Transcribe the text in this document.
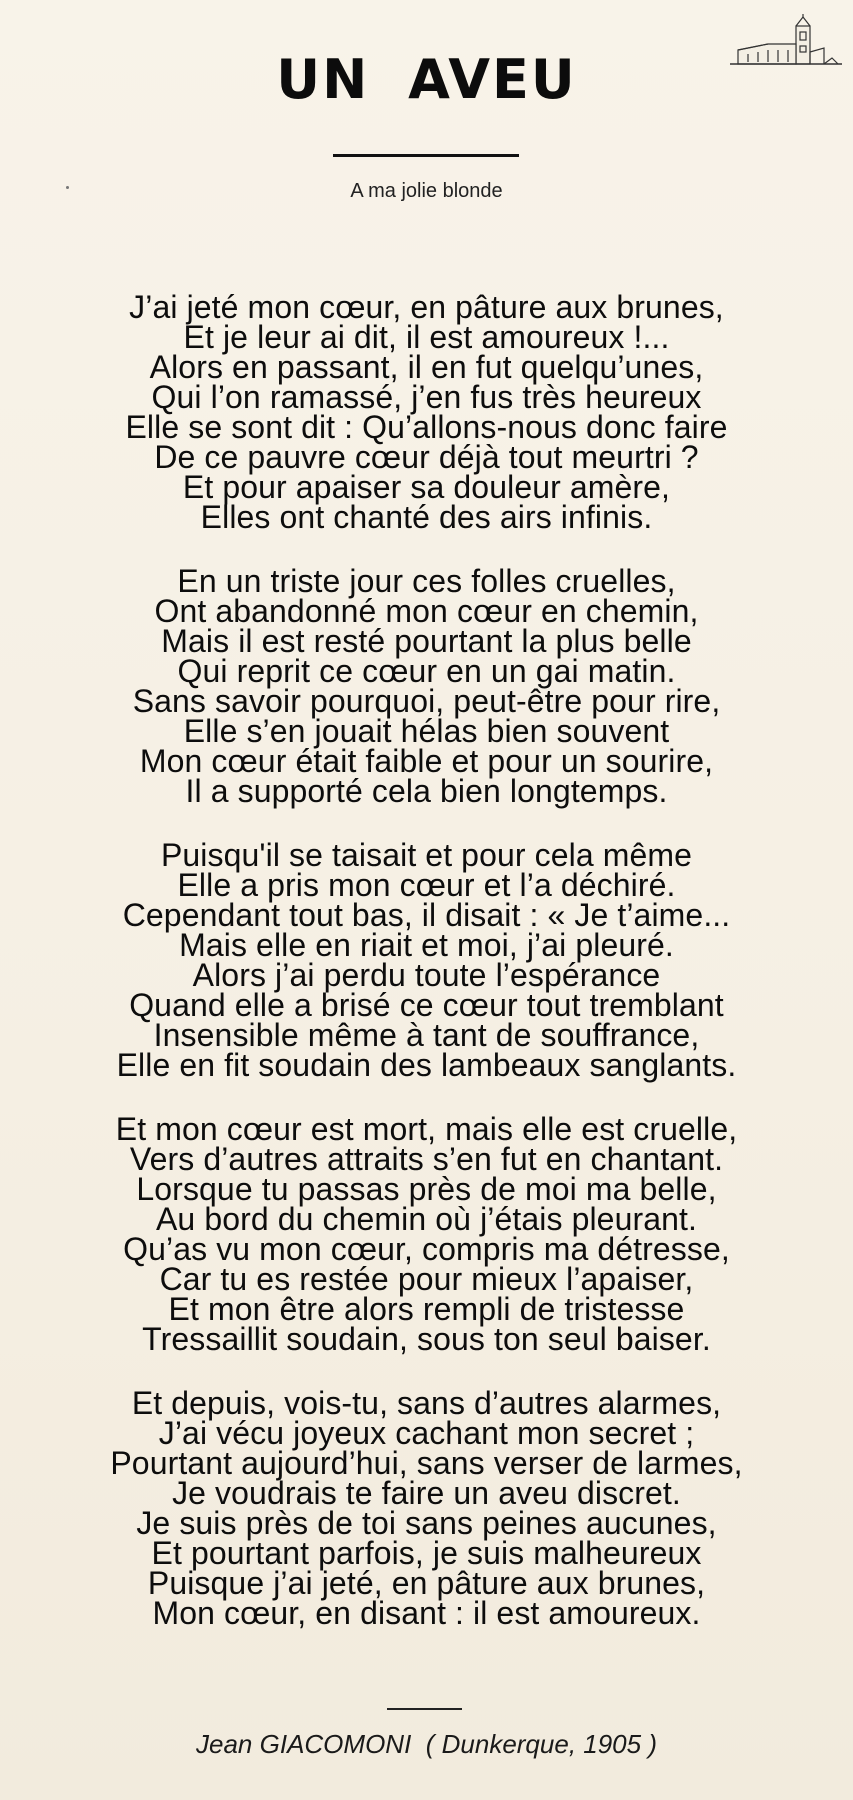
UN AVEU
A ma jolie blonde
J’ai jeté mon cœur, en pâture aux brunes,
Et je leur ai dit, il est amoureux !...
Alors en passant, il en fut quelqu’unes,
Qui l’on ramassé, j’en fus très heureux
Elle se sont dit : Qu’allons-nous donc faire
De ce pauvre cœur déjà tout meurtri ?
Et pour apaiser sa douleur amère,
Elles ont chanté des airs infinis.
En un triste jour ces folles cruelles,
Ont abandonné mon cœur en chemin,
Mais il est resté pourtant la plus belle
Qui reprit ce cœur en un gai matin.
Sans savoir pourquoi, peut-être pour rire,
Elle s’en jouait hélas bien souvent
Mon cœur était faible et pour un sourire,
Il a supporté cela bien longtemps.
Puisqu'il se taisait et pour cela même
Elle a pris mon cœur et l’a déchiré.
Cependant tout bas, il disait : « Je t’aime...
Mais elle en riait et moi, j’ai pleuré.
Alors j’ai perdu toute l’espérance
Quand elle a brisé ce cœur tout tremblant
Insensible même à tant de souffrance,
Elle en fit soudain des lambeaux sanglants.
Et mon cœur est mort, mais elle est cruelle,
Vers d’autres attraits s’en fut en chantant.
Lorsque tu passas près de moi ma belle,
Au bord du chemin où j’étais pleurant.
Qu’as vu mon cœur, compris ma détresse,
Car tu es restée pour mieux l’apaiser,
Et mon être alors rempli de tristesse
Tressaillit soudain, sous ton seul baiser.
Et depuis, vois-tu, sans d’autres alarmes,
J’ai vécu joyeux cachant mon secret ;
Pourtant aujourd’hui, sans verser de larmes,
Je voudrais te faire un aveu discret.
Je suis près de toi sans peines aucunes,
Et pourtant parfois, je suis malheureux
Puisque j’ai jeté, en pâture aux brunes,
Mon cœur, en disant : il est amoureux.
Jean GIACOMONI  ( Dunkerque, 1905 )
